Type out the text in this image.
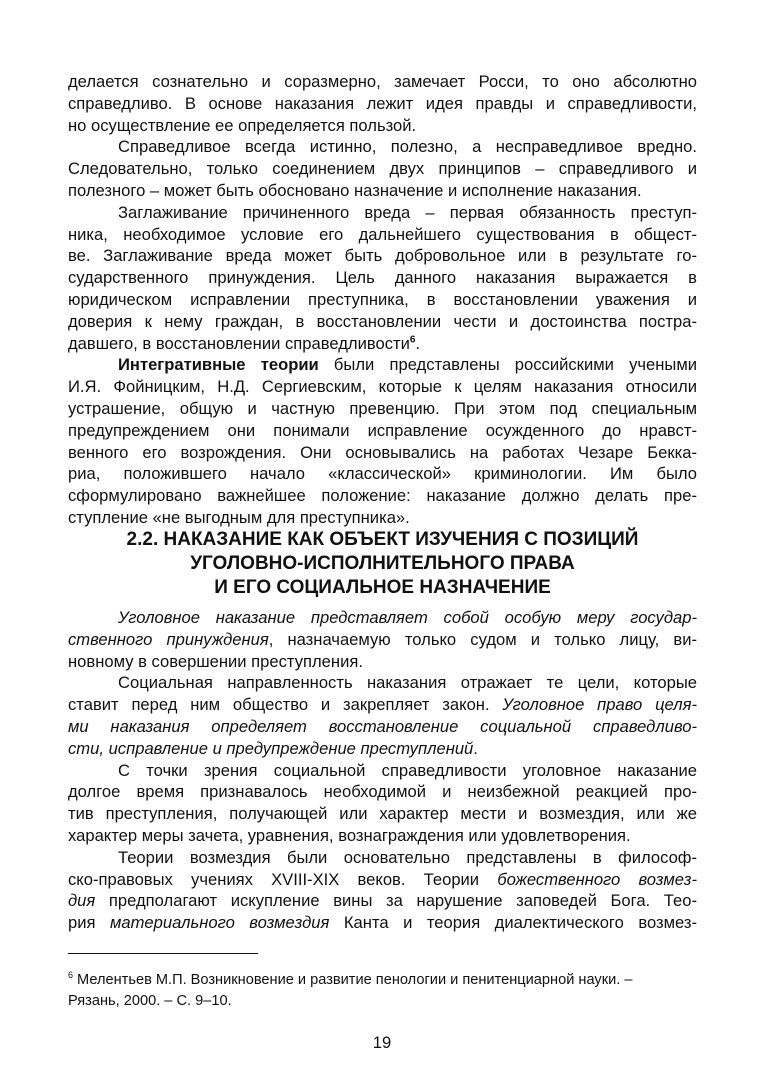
делается сознательно и соразмерно, замечает Росси, то оно абсолютно
справедливо. В основе наказания лежит идея правды и справедливости,
но осуществление ее определяется пользой.
Справедливое всегда истинно, полезно, а несправедливое вредно.
Следовательно, только соединением двух принципов – справедливого и
полезного – может быть обосновано назначение и исполнение наказания.
Заглаживание причиненного вреда – первая обязанность преступ-
ника, необходимое условие его дальнейшего существования в общест-
ве. Заглаживание вреда может быть добровольное или в результате го-
сударственного принуждения. Цель данного наказания выражается в
юридическом исправлении преступника, в восстановлении уважения и
доверия к нему граждан, в восстановлении чести и достоинства постра-
давшего, в восстановлении справедливости$^6$.
Интегративные теории были представлены российскими учеными
И.Я. Фойницким, Н.Д. Сергиевским, которые к целям наказания относили
устрашение, общую и частную превенцию. При этом под специальным
предупреждением они понимали исправление осужденного до нравст-
венного его возрождения. Они основывались на работах Чезаре Бекка-
риа, положившего начало «классической» криминологии. Им было
сформулировано важнейшее положение: наказание должно делать пре-
ступление «не выгодным для преступника».
2.2. НАКАЗАНИЕ КАК ОБЪЕКТ ИЗУЧЕНИЯ С ПОЗИЦИЙ
УГОЛОВНО-ИСПОЛНИТЕЛЬНОГО ПРАВА
И ЕГО СОЦИАЛЬНОЕ НАЗНАЧЕНИЕ
Уголовное наказание представляет собой особую меру государ-
ственного принуждения, назначаемую только судом и только лицу, ви-
новному в совершении преступления.
Социальная направленность наказания отражает те цели, которые
ставит перед ним общество и закрепляет закон. Уголовное право целя-
ми наказания определяет восстановление социальной справедливо-
сти, исправление и предупреждение преступлений.
С точки зрения социальной справедливости уголовное наказание
долгое время признавалось необходимой и неизбежной реакцией про-
тив преступления, получающей или характер мести и возмездия, или же
характер меры зачета, уравнения, вознаграждения или удовлетворения.
Теории возмездия были основательно представлены в философ-
ско-правовых учениях XVIII-XIX веков. Теории божественного возмез-
дия предполагают искупление вины за нарушение заповедей Бога. Тео-
рия материального возмездия Канта и теория диалектического возмез-
$^6$ Мелентьев М.П. Возникновение и развитие пенологии и пенитенциарной науки. –
Рязань, 2000. – С. 9–10.
19
